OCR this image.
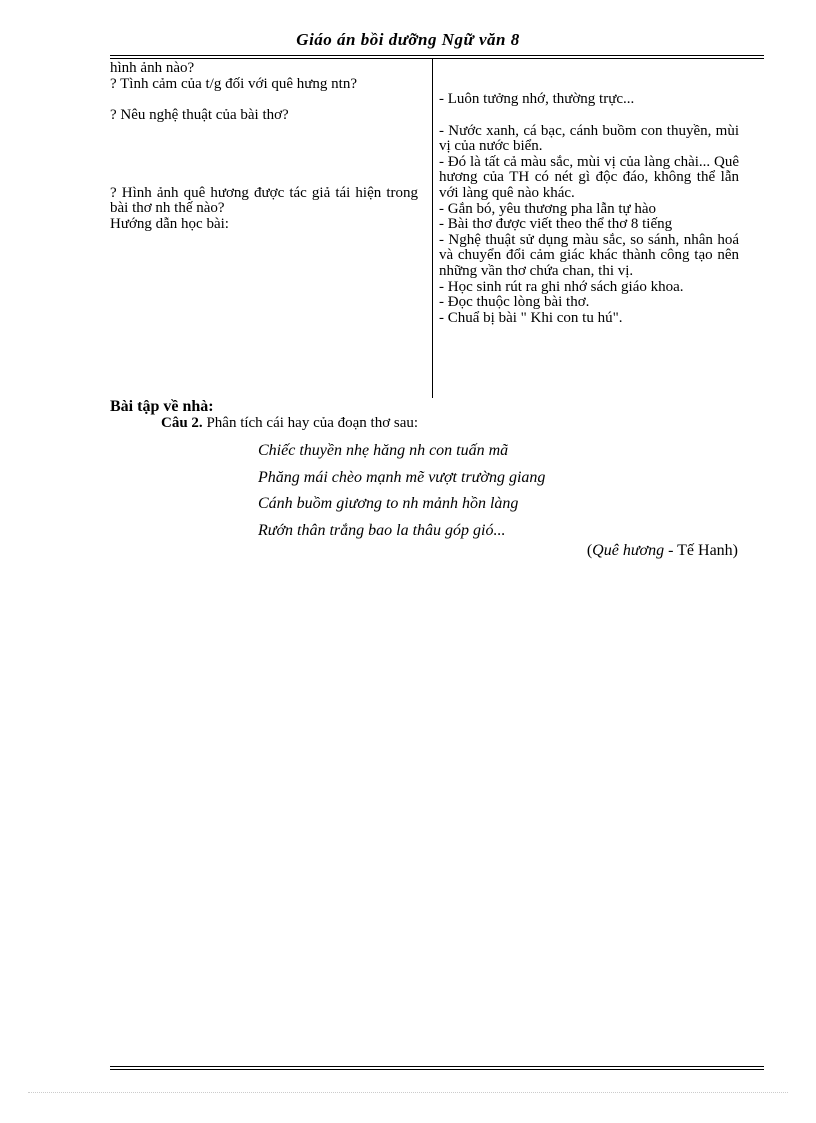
Giáo án bồi dưỡng Ngữ văn 8

hình ảnh nào?

? Tình cảm của t/g đối với quê hưng ntn?

? Nêu nghệ thuật của bài thơ?

? Hình ảnh quê hương được tác giả tái hiện trong bài thơ nh thế nào?

Hướng dẫn học bài:

- Luôn tưởng nhớ, thường trực...

- Nước xanh, cá bạc, cánh buồm con thuyền, mùi vị của nước biển.

- Đó là tất cả màu sắc, mùi vị của làng chài... Quê hương của TH có nét gì độc đáo, không thể lẫn với làng quê nào khác.

- Gắn bó, yêu thương pha lẫn tự hào

- Bài thơ được viết theo thể thơ 8 tiếng

- Nghệ thuật sử dụng màu sắc, so sánh, nhân hoá và chuyển đổi cảm giác khác thành công tạo nên những vần thơ chứa chan, thi vị.

- Học sinh rút ra ghi nhớ sách giáo khoa.

- Đọc thuộc lòng bài thơ.

- Chuẩ bị bài " Khi con tu hú".

Bài tập về nhà:
Câu 2. Phân tích cái hay của đoạn thơ sau:
Chiếc thuyền nhẹ hăng nh con tuấn mã
Phăng mái chèo mạnh mẽ vượt trường giang
Cánh buồm giương to nh mảnh hồn làng
Rướn thân trắng bao la thâu góp gió...
(Quê hương - Tế Hanh)
